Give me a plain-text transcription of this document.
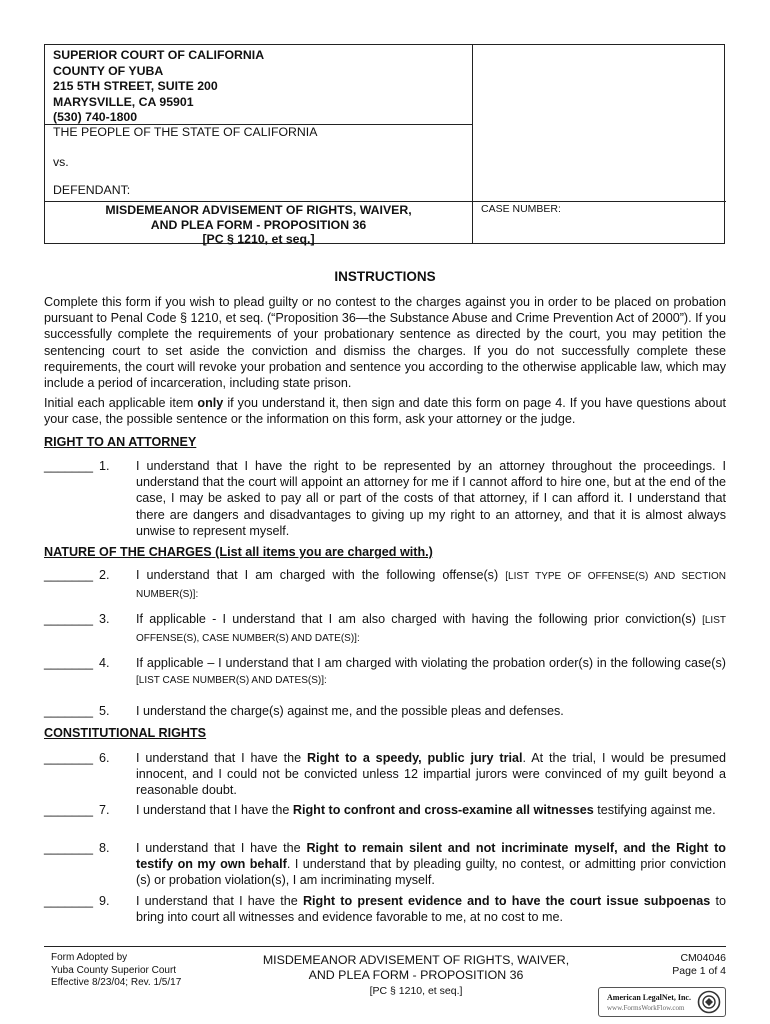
SUPERIOR COURT OF CALIFORNIA
COUNTY OF YUBA
215 5TH STREET, SUITE 200
MARYSVILLE, CA 95901
(530) 740-1800
THE PEOPLE OF THE STATE OF CALIFORNIA
vs.
DEFENDANT:
MISDEMEANOR ADVISEMENT OF RIGHTS, WAIVER,
AND PLEA FORM - PROPOSITION 36
[PC § 1210, et seq.]
CASE NUMBER:
INSTRUCTIONS
Complete this form if you wish to plead guilty or no contest to the charges against you in order to be placed on probation pursuant to Penal Code § 1210, et seq. (“Proposition 36—the Substance Abuse and Crime Prevention Act of 2000”). If you successfully complete the requirements of your probationary sentence as directed by the court, you may petition the sentencing court to set aside the conviction and dismiss the charges. If you do not successfully complete these requirements, the court will revoke your probation and sentence you according to the otherwise applicable law, which may include a period of incarceration, including state prison.
Initial each applicable item only if you understand it, then sign and date this form on page 4. If you have questions about your case, the possible sentence or the information on this form, ask your attorney or the judge.
RIGHT TO AN ATTORNEY
_______ 1. I understand that I have the right to be represented by an attorney throughout the proceedings. I understand that the court will appoint an attorney for me if I cannot afford to hire one, but at the end of the case, I may be asked to pay all or part of the costs of that attorney, if I can afford it. I understand that there are dangers and disadvantages to giving up my right to an attorney, and that it is almost always unwise to represent myself.
NATURE OF THE CHARGES (List all items you are charged with.)
_______ 2. I understand that I am charged with the following offense(s) [LIST TYPE OF OFFENSE(S) AND SECTION NUMBER(S)]:
_______ 3. If applicable - I understand that I am also charged with having the following prior conviction(s) [LIST OFFENSE(S), CASE NUMBER(S) AND DATE(S)]:
_______ 4. If applicable – I understand that I am charged with violating the probation order(s) in the following case(s) [LIST CASE NUMBER(S) AND DATES(S)]:
_______ 5. I understand the charge(s) against me, and the possible pleas and defenses.
CONSTITUTIONAL RIGHTS
_______ 6. I understand that I have the Right to a speedy, public jury trial. At the trial, I would be presumed innocent, and I could not be convicted unless 12 impartial jurors were convinced of my guilt beyond a reasonable doubt.
_______ 7. I understand that I have the Right to confront and cross-examine all witnesses testifying against me.
_______ 8. I understand that I have the Right to remain silent and not incriminate myself, and the Right to testify on my own behalf. I understand that by pleading guilty, no contest, or admitting prior conviction (s) or probation violation(s), I am incriminating myself.
_______ 9. I understand that I have the Right to present evidence and to have the court issue subpoenas to bring into court all witnesses and evidence favorable to me, at no cost to me.
Form Adopted by
Yuba County Superior Court
Effective 8/23/04; Rev. 1/5/17
MISDEMEANOR ADVISEMENT OF RIGHTS, WAIVER,
AND PLEA FORM - PROPOSITION 36
[PC § 1210, et seq.]
CM04046
Page 1 of 4
American LegalNet, Inc.
www.FormsWorkFlow.com
